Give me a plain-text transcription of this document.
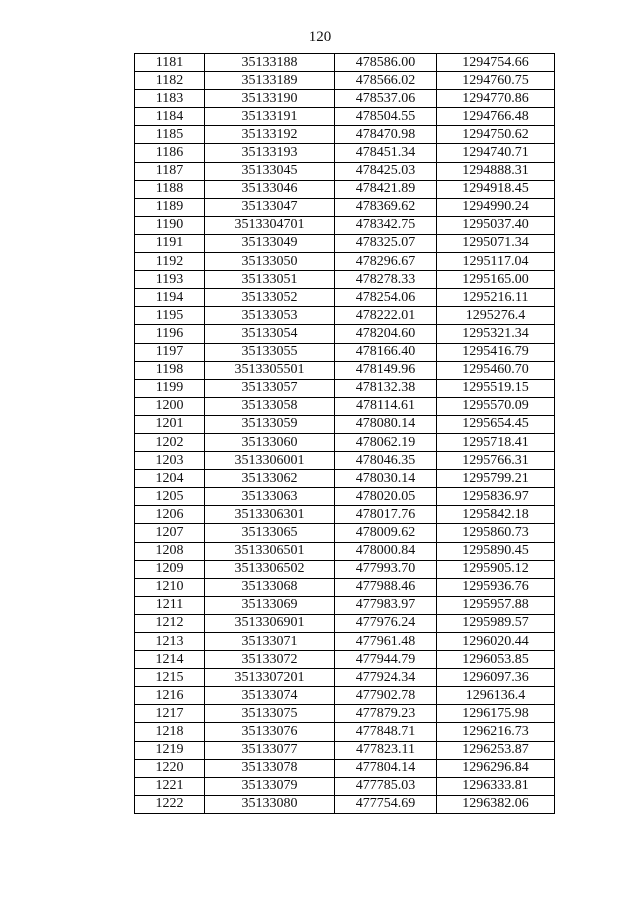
120
1181	35133188	478586.00	1294754.66
1182	35133189	478566.02	1294760.75
1183	35133190	478537.06	1294770.86
1184	35133191	478504.55	1294766.48
1185	35133192	478470.98	1294750.62
1186	35133193	478451.34	1294740.71
1187	35133045	478425.03	1294888.31
1188	35133046	478421.89	1294918.45
1189	35133047	478369.62	1294990.24
1190	3513304701	478342.75	1295037.40
1191	35133049	478325.07	1295071.34
1192	35133050	478296.67	1295117.04
1193	35133051	478278.33	1295165.00
1194	35133052	478254.06	1295216.11
1195	35133053	478222.01	1295276.4
1196	35133054	478204.60	1295321.34
1197	35133055	478166.40	1295416.79
1198	3513305501	478149.96	1295460.70
1199	35133057	478132.38	1295519.15
1200	35133058	478114.61	1295570.09
1201	35133059	478080.14	1295654.45
1202	35133060	478062.19	1295718.41
1203	3513306001	478046.35	1295766.31
1204	35133062	478030.14	1295799.21
1205	35133063	478020.05	1295836.97
1206	3513306301	478017.76	1295842.18
1207	35133065	478009.62	1295860.73
1208	3513306501	478000.84	1295890.45
1209	3513306502	477993.70	1295905.12
1210	35133068	477988.46	1295936.76
1211	35133069	477983.97	1295957.88
1212	3513306901	477976.24	1295989.57
1213	35133071	477961.48	1296020.44
1214	35133072	477944.79	1296053.85
1215	3513307201	477924.34	1296097.36
1216	35133074	477902.78	1296136.4
1217	35133075	477879.23	1296175.98
1218	35133076	477848.71	1296216.73
1219	35133077	477823.11	1296253.87
1220	35133078	477804.14	1296296.84
1221	35133079	477785.03	1296333.81
1222	35133080	477754.69	1296382.06
